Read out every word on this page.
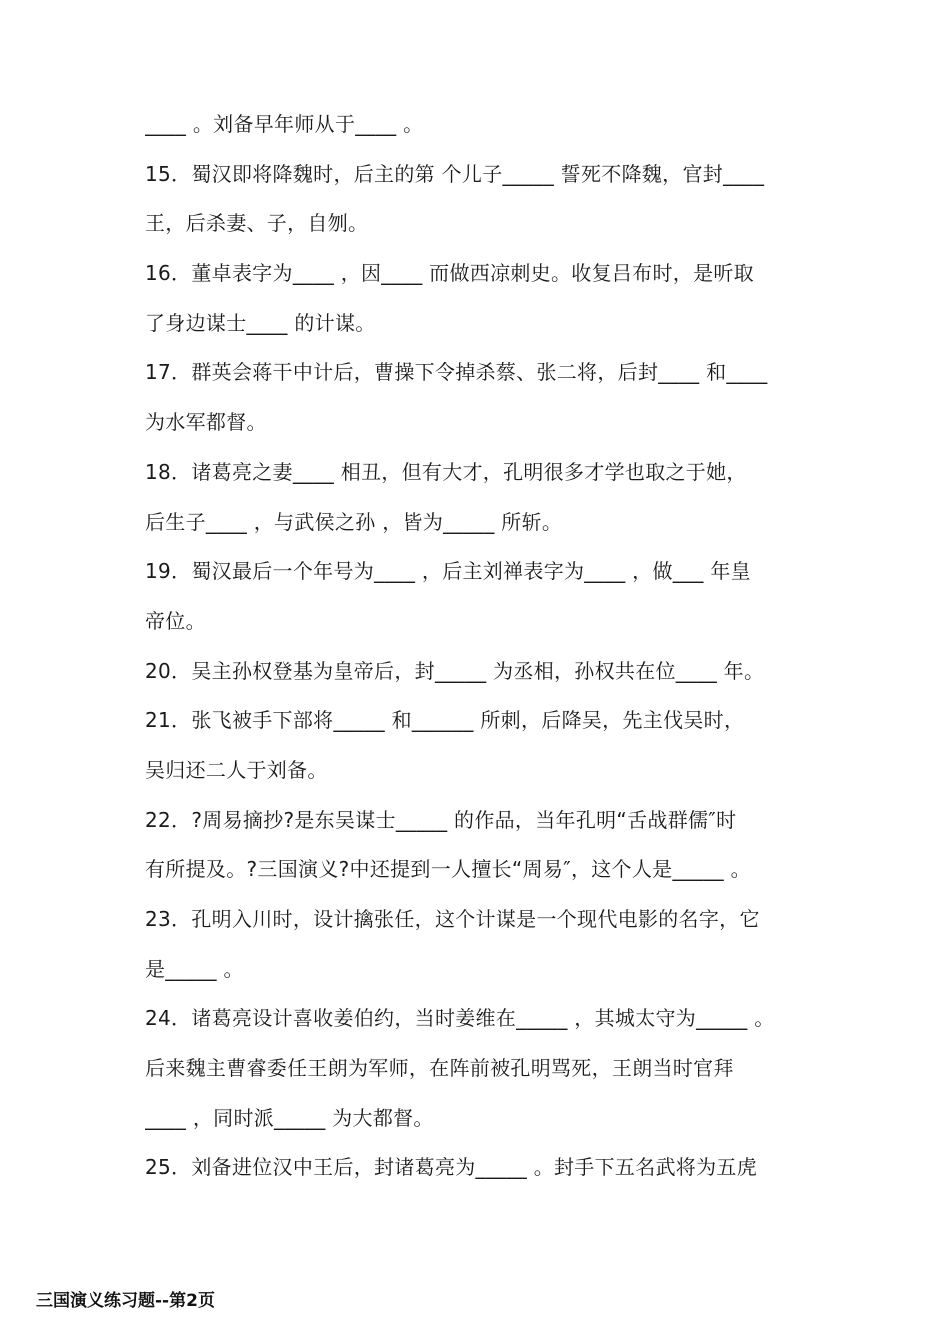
____ 。刘备早年师从于____ 。
15．蜀汉即将降魏时，后主的第 个儿子_____ 誓死不降魏，官封____
王，后杀妻、子，自刎。
16．董卓表字为____ ，因____ 而做西凉刺史。收复吕布时，是听取
了身边谋士____ 的计谋。
17．群英会蒋干中计后，曹操下令掉杀蔡、张二将，后封____ 和____
为水军都督。
18．诸葛亮之妻____ 相丑，但有大才，孔明很多才学也取之于她，
后生子____ ，与武侯之孙 ，皆为_____ 所斩。
19．蜀汉最后一个年号为____ ，后主刘禅表字为____ ，做___ 年皇
帝位。
20．吴主孙权登基为皇帝后，封_____ 为丞相，孙权共在位____ 年。
21．张飞被手下部将_____ 和______ 所刺，后降吴，先主伐吴时，
吴归还二人于刘备。
22．?周易摘抄?是东吴谋士_____ 的作品，当年孔明“舌战群儒″时
有所提及。?三国演义?中还提到一人擅长“周易″，这个人是_____ 。
23．孔明入川时，设计擒张任，这个计谋是一个现代电影的名字，它
是_____ 。
24．诸葛亮设计喜收姜伯约，当时姜维在_____ ，其城太守为_____ 。
后来魏主曹睿委任王朗为军师，在阵前被孔明骂死，王朗当时官拜
____ ，同时派_____ 为大都督。
25．刘备进位汉中王后，封诸葛亮为_____ 。封手下五名武将为五虎
三国演义练习题--第2页
